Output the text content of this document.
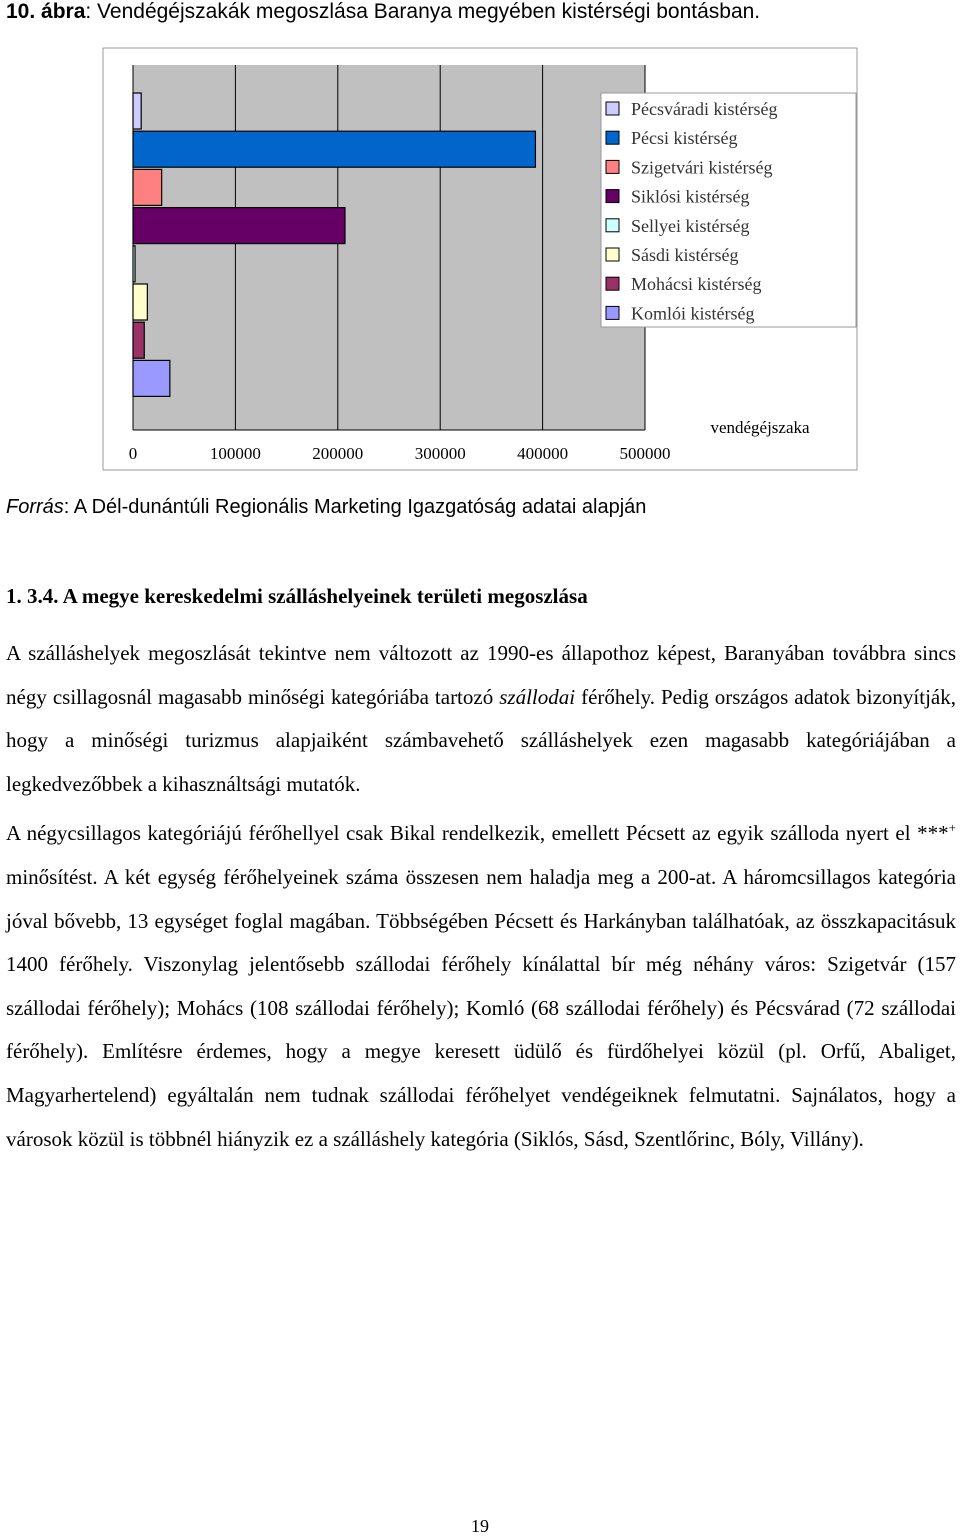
10. ábra: Vendégéjszakák megoszlása Baranya megyében kistérségi bontásban.
0	100000	200000	300000	400000	500000
vendégéjszaka
Pécsváradi kistérség
Pécsi kistérség
Szigetvári kistérség
Siklósi kistérség
Sellyei kistérség
Sásdi kistérség
Mohácsi kistérség
Komlói kistérség
Forrás: A Dél-dunántúli Regionális Marketing Igazgatóság adatai alapján
1. 3.4. A megye kereskedelmi szálláshelyeinek területi megoszlása

A szálláshelyek megoszlását tekintve nem változott az 1990-es állapothoz képest, Baranyában továbbra sincs négy csillagosnál magasabb minőségi kategóriába tartozó szállodai férőhely. Pedig országos adatok bizonyítják, hogy a minőségi turizmus alapjaiként számbavehető szálláshelyek ezen magasabb kategóriájában a legkedvezőbbek a kihasználtsági mutatók.

A négycsillagos kategóriájú férőhellyel csak Bikal rendelkezik, emellett Pécsett az egyik szálloda nyert el ***+ minősítést. A két egység férőhelyeinek száma összesen nem haladja meg a 200-at. A háromcsillagos kategória jóval bővebb, 13 egységet foglal magában. Többségében Pécsett és Harkányban találhatóak, az összkapacitásuk 1400 férőhely. Viszonylag jelentősebb szállodai férőhely kínálattal bír még néhány város: Szigetvár (157 szállodai férőhely); Mohács (108 szállodai férőhely); Komló (68 szállodai férőhely) és Pécsvárad (72 szállodai férőhely). Említésre érdemes, hogy a megye keresett üdülő és fürdőhelyei közül (pl. Orfű, Abaliget, Magyarhertelend) egyáltalán nem tudnak szállodai férőhelyet vendégeiknek felmutatni. Sajnálatos, hogy a városok közül is többnél hiányzik ez a szálláshely kategória (Siklós, Sásd, Szentlőrinc, Bóly, Villány).

19
